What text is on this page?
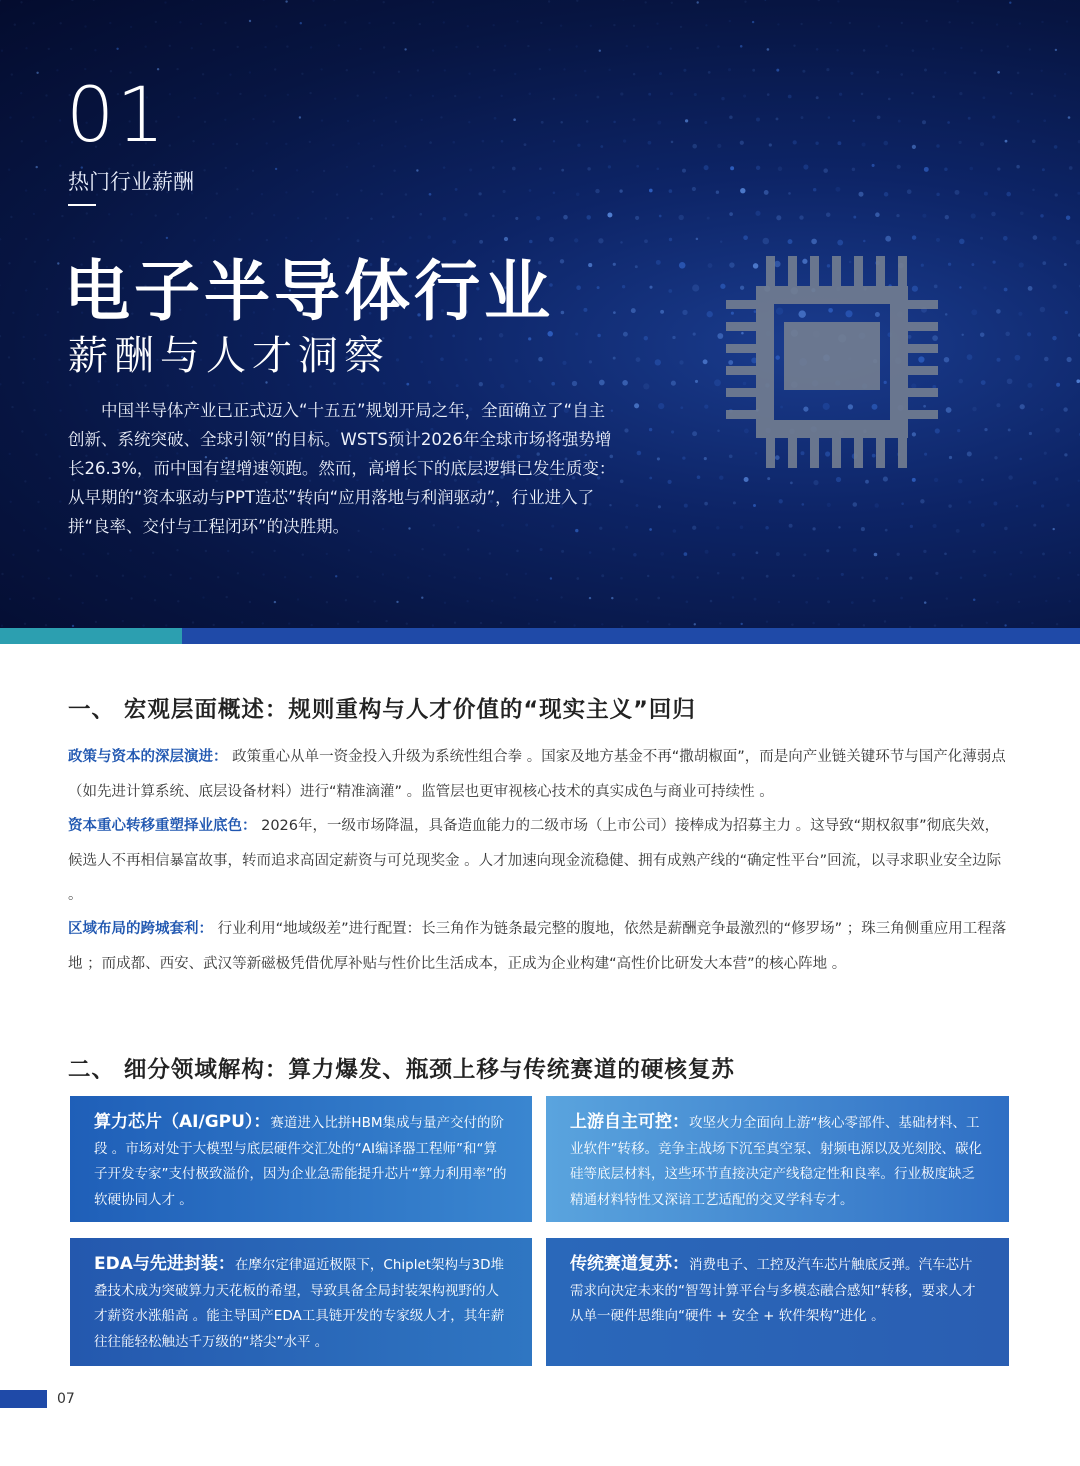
01
热门行业薪酬
电子半导体行业
薪酬与人才洞察
中国半导体产业已正式迈入“十五五”规划开局之年，全面确立了“自主创新、系统突破、全球引领”的目标。WSTS预计2026年全球市场将强势增长26.3%，而中国有望增速领跑。然而，高增长下的底层逻辑已发生质变：从早期的“资本驱动与PPT造芯”转向“应用落地与利润驱动”，行业进入了拼“良率、交付与工程闭环”的决胜期。
一、 宏观层面概述：规则重构与人才价值的“现实主义”回归
政策与资本的深层演进： 政策重心从单一资金投入升级为系统性组合拳 。国家及地方基金不再“撒胡椒面”，而是向产业链关键环节与国产化薄弱点（如先进计算系统、底层设备材料）进行“精准滴灌” 。监管层也更审视核心技术的真实成色与商业可持续性 。
资本重心转移重塑择业底色： 2026年，一级市场降温，具备造血能力的二级市场（上市公司）接棒成为招募主力 。这导致“期权叙事”彻底失效，候选人不再相信暴富故事，转而追求高固定薪资与可兑现奖金 。人才加速向现金流稳健、拥有成熟产线的“确定性平台”回流，以寻求职业安全边际 。
区域布局的跨城套利： 行业利用“地域级差”进行配置：长三角作为链条最完整的腹地，依然是薪酬竞争最激烈的“修罗场” ；珠三角侧重应用工程落地 ；而成都、西安、武汉等新磁极凭借优厚补贴与性价比生活成本，正成为企业构建“高性价比研发大本营”的核心阵地 。
二、 细分领域解构：算力爆发、瓶颈上移与传统赛道的硬核复苏
算力芯片（AI/GPU）：赛道进入比拼HBM集成与量产交付的阶段 。市场对处于大模型与底层硬件交汇处的“AI编译器工程师”和“算子开发专家”支付极致溢价，因为企业急需能提升芯片“算力利用率”的软硬协同人才 。
上游自主可控：攻坚火力全面向上游“核心零部件、基础材料、工业软件”转移。竞争主战场下沉至真空泵、射频电源以及光刻胶、碳化硅等底层材料，这些环节直接决定产线稳定性和良率。行业极度缺乏精通材料特性又深谙工艺适配的交叉学科专才。
EDA与先进封装：在摩尔定律逼近极限下，Chiplet架构与3D堆叠技术成为突破算力天花板的希望，导致具备全局封装架构视野的人才薪资水涨船高 。能主导国产EDA工具链开发的专家级人才，其年薪往往能轻松触达千万级的“塔尖”水平 。
传统赛道复苏：消费电子、工控及汽车芯片触底反弹。汽车芯片需求向决定未来的“智驾计算平台与多模态融合感知”转移，要求人才从单一硬件思维向“硬件 + 安全 + 软件架构”进化 。
07
